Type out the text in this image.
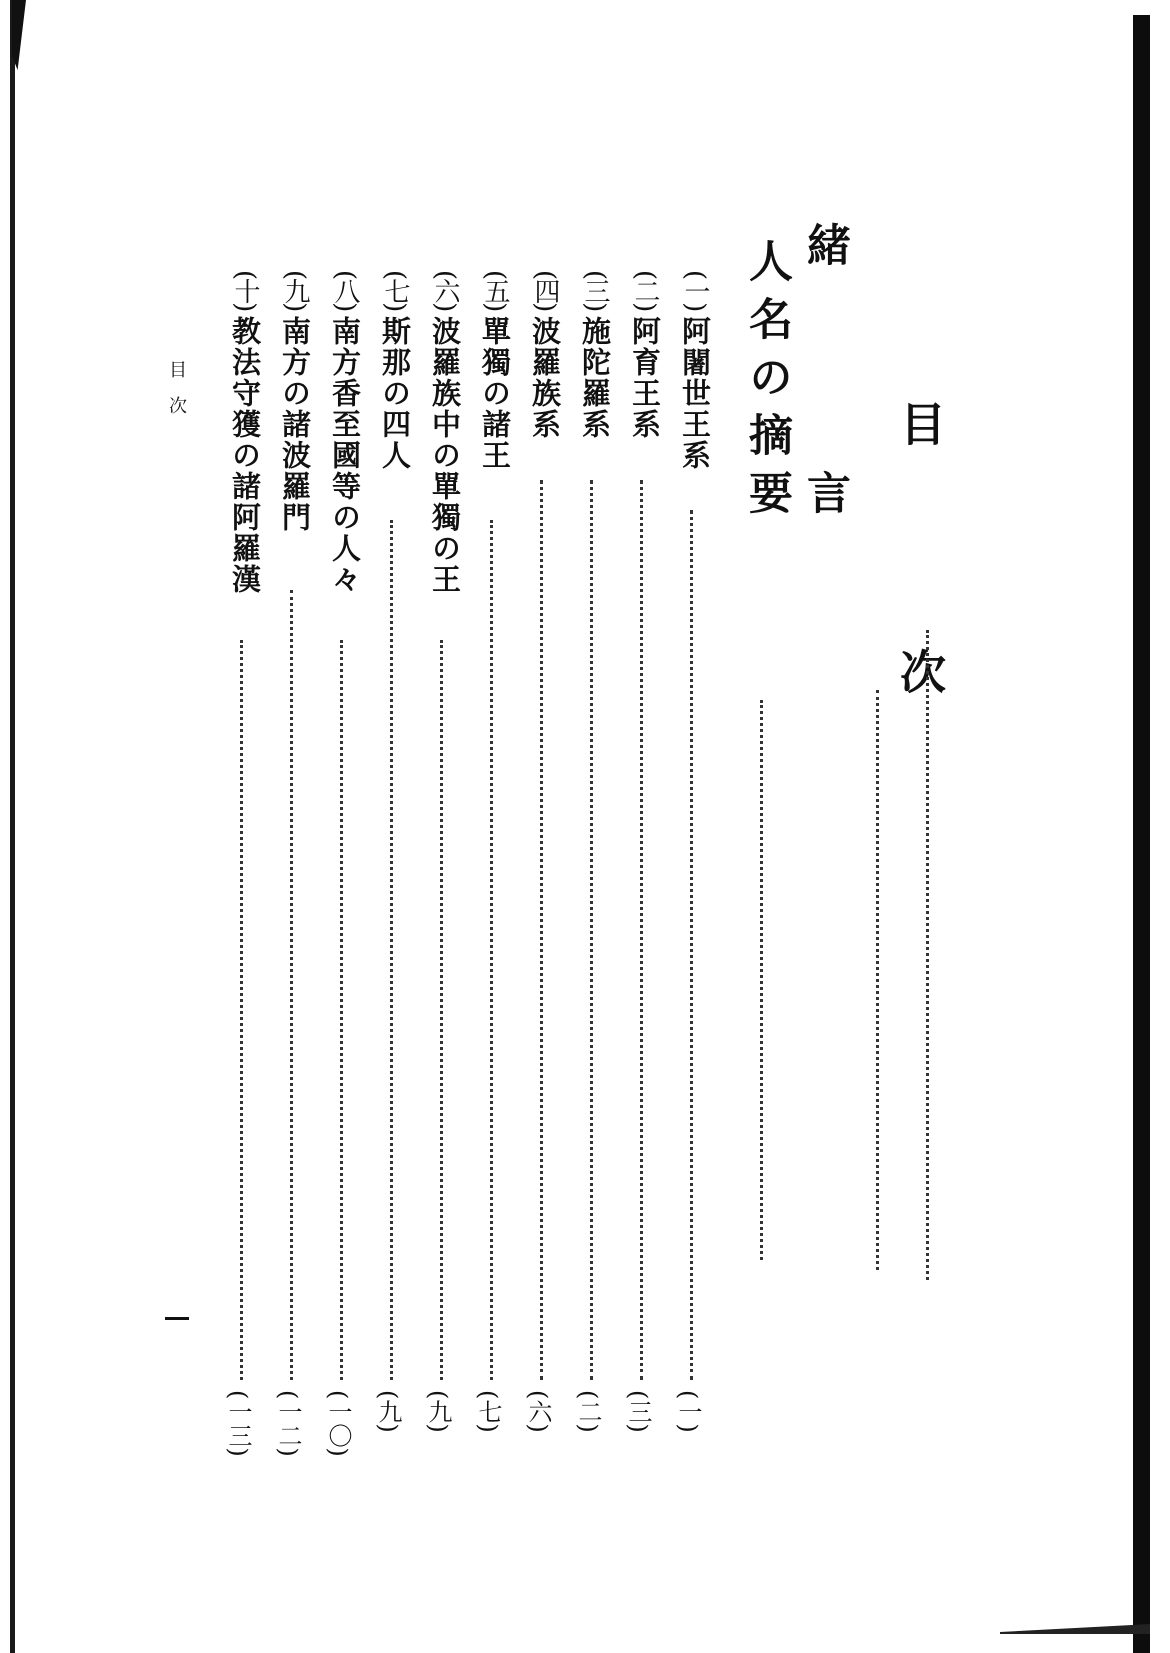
目　次
緒　言
人名の摘要
(一)阿闍世王系
(一)
(二)阿育王系
(三)
(三)施陀羅系
(二)
(四)波羅族系
(六)
(五)單獨の諸王
(七)
(六)波羅族中の單獨の王
(九)
(七)斯那の四人
(九)
(八)南方香至國等の人々
(一〇)
(九)南方の諸波羅門
(一二)
(十)教法守獲の諸阿羅漢
(一三)
目　次
